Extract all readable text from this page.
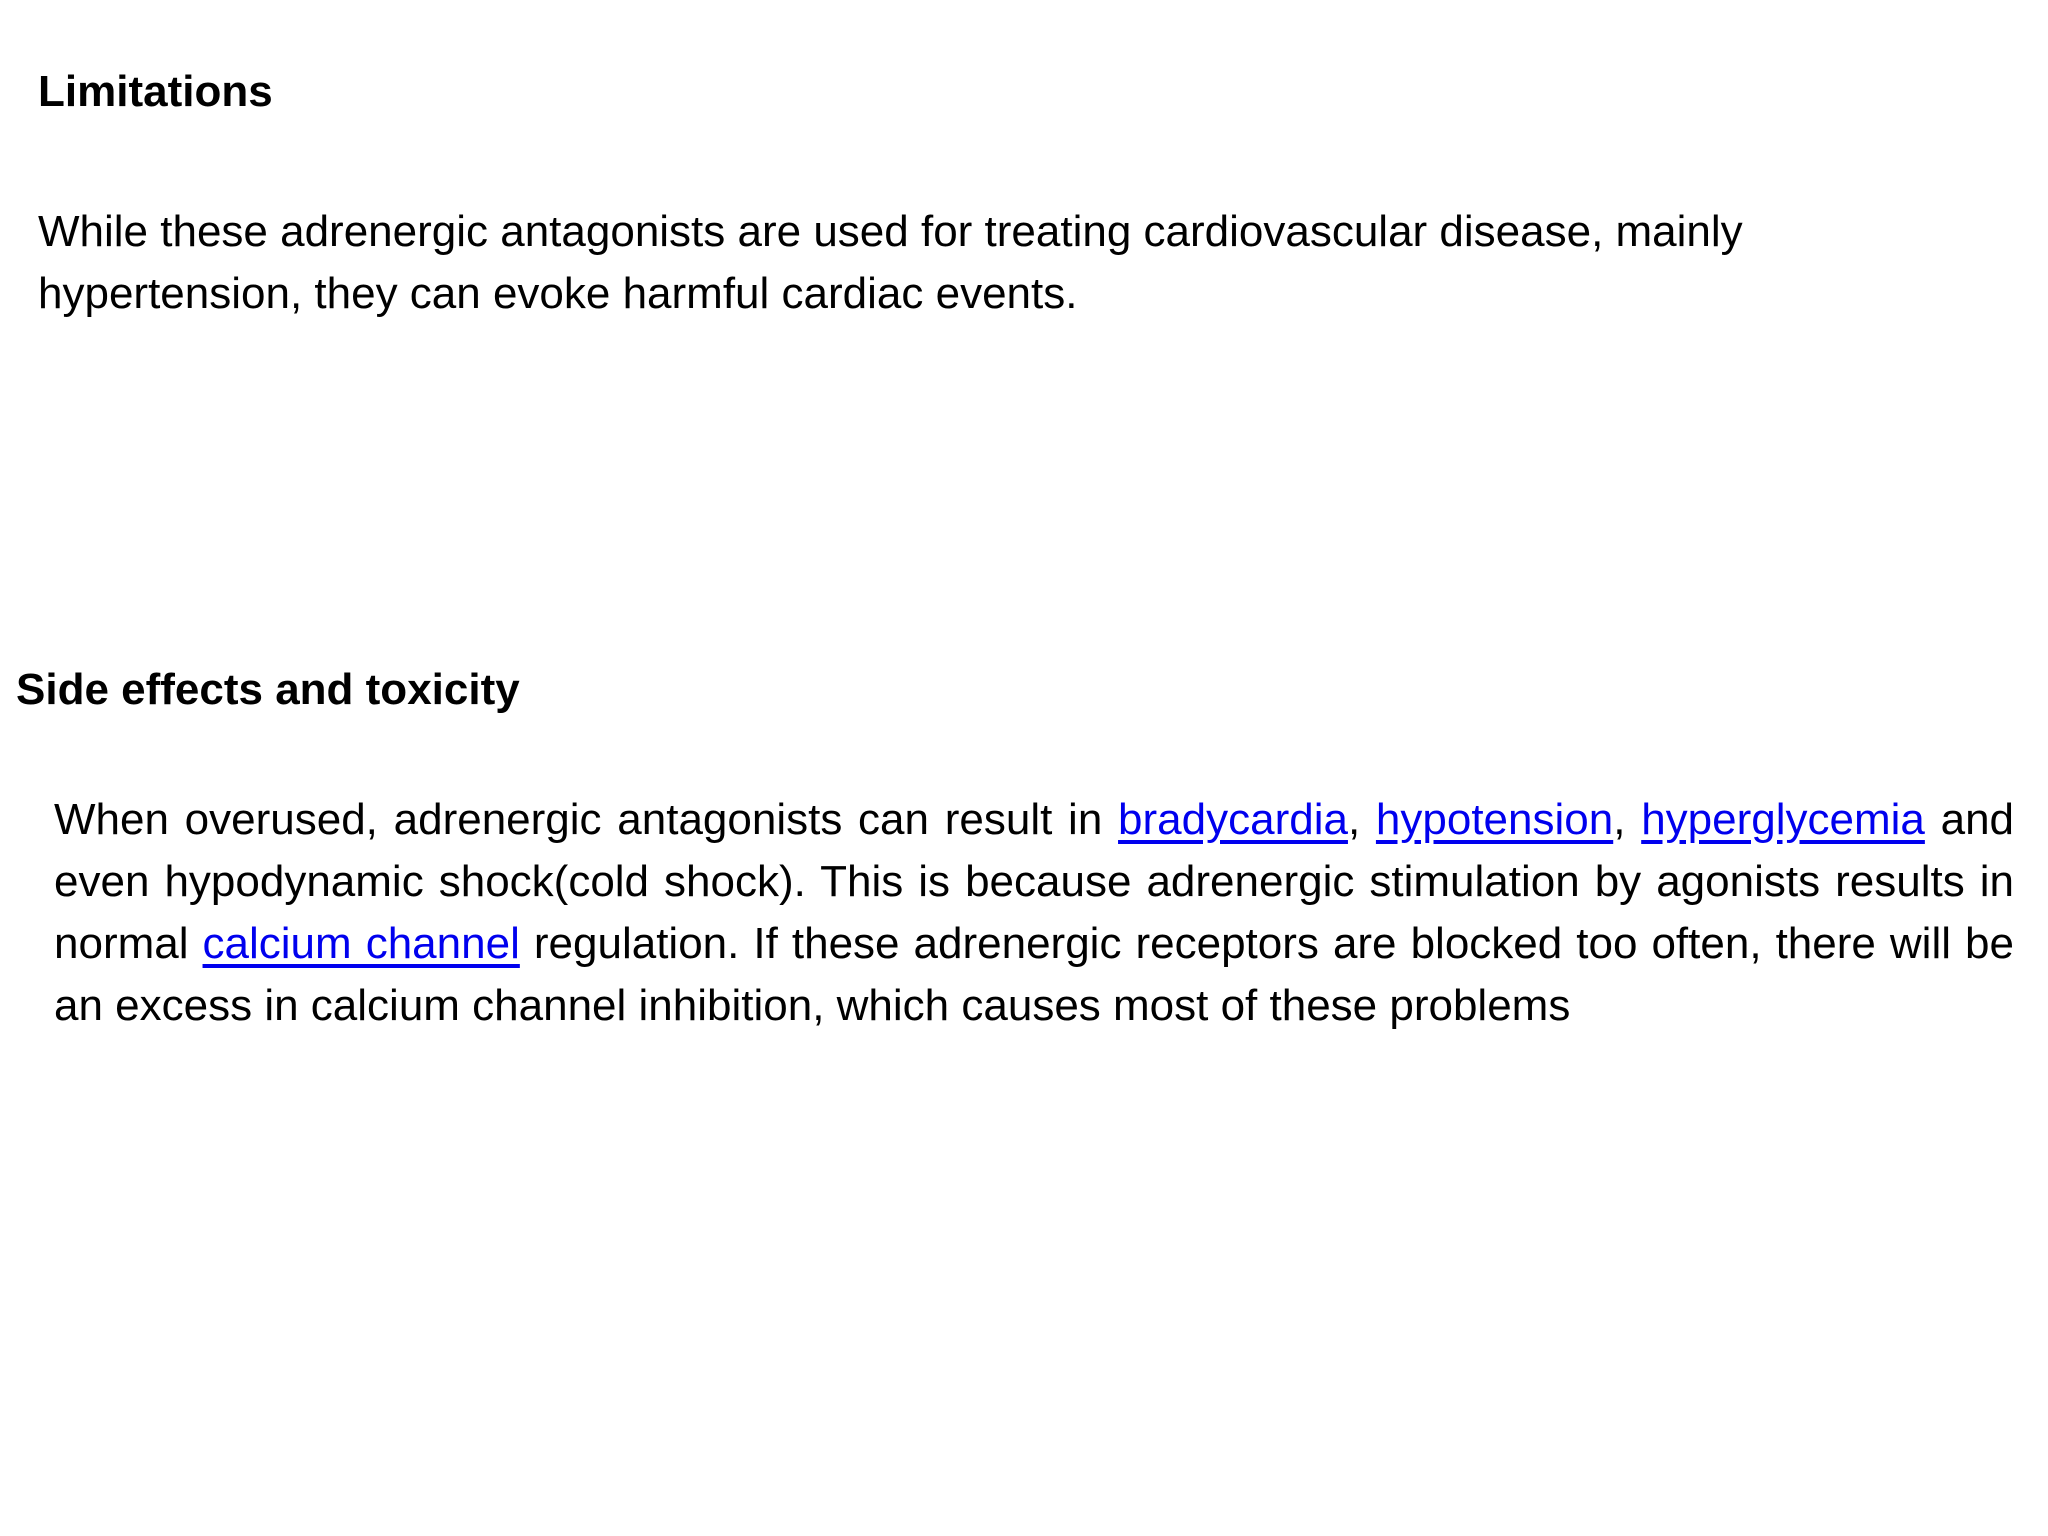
Limitations

While these adrenergic antagonists are used for treating cardiovascular disease, mainly hypertension, they can evoke harmful cardiac events.

Side effects and toxicity

When overused, adrenergic antagonists can result in bradycardia, hypotension, hyperglycemia and even hypodynamic shock(cold shock). This is because adrenergic stimulation by agonists results in normal calcium channel regulation. If these adrenergic receptors are blocked too often, there will be an excess in calcium channel inhibition, which causes most of these problems
